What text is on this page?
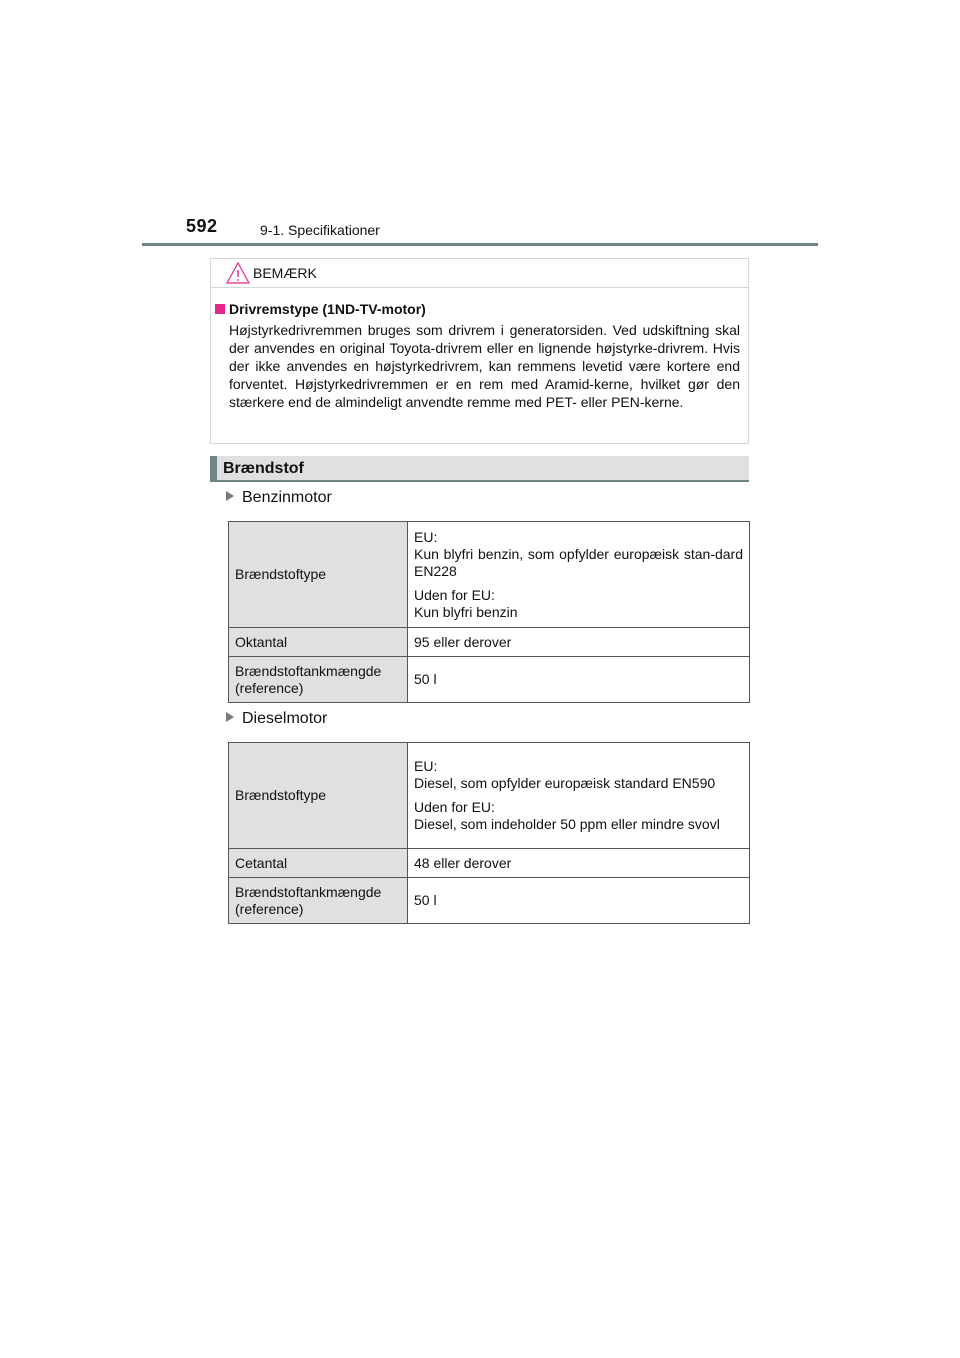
592	9-1. Specifikationer
BEMÆRK
Drivremstype (1ND-TV-motor)
Højstyrkedrivremmen bruges som drivrem i generatorsiden. Ved udskiftning skal der anvendes en original Toyota-drivrem eller en lignende højstyrke-drivrem. Hvis der ikke anvendes en højstyrkedrivrem, kan remmens levetid være kortere end forventet. Højstyrkedrivremmen er en rem med Aramid-kerne, hvilket gør den stærkere end de almindeligt anvendte remme med PET- eller PEN-kerne.
Brændstof
Benzinmotor
Brændstoftype	EU:
Kun blyfri benzin, som opfylder europæisk stan-dard EN228
Uden for EU:
Kun blyfri benzin

Oktantal	95 eller derover
Brændstoftankmængde (reference)	50 l
Dieselmotor
Brændstoftype	EU:
Diesel, som opfylder europæisk standard EN590
Uden for EU:
Diesel, som indeholder 50 ppm eller mindre svovl

Cetantal	48 eller derover
Brændstoftankmængde (reference)	50 l
